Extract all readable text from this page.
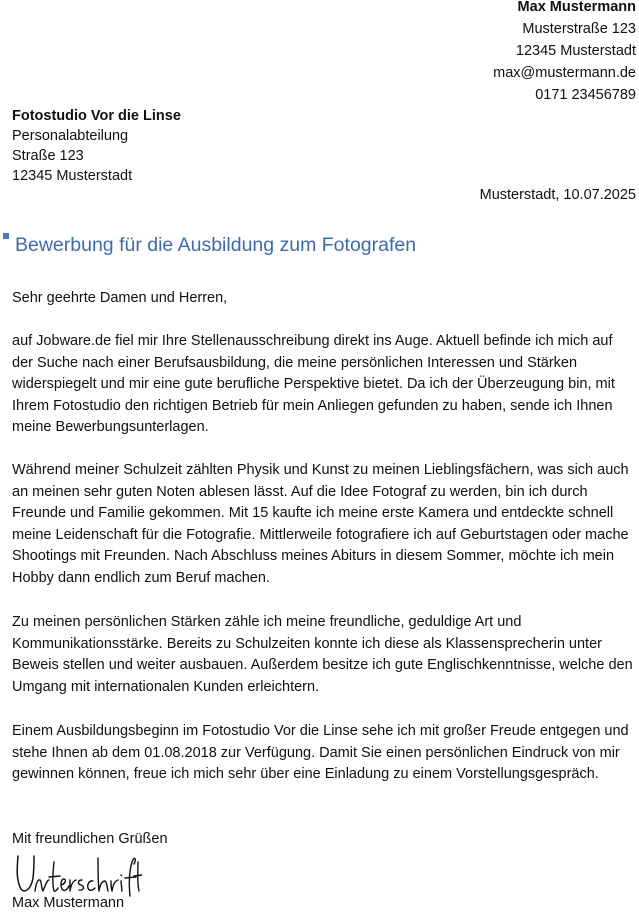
Max Mustermann
Musterstraße 123
12345 Musterstadt
max@mustermann.de
0171 23456789
Fotostudio Vor die Linse
Personalabteilung
Straße 123
12345 Musterstadt
Musterstadt, 10.07.2025
Bewerbung für die Ausbildung zum Fotografen
Sehr geehrte Damen und Herren,

auf Jobware.de fiel mir Ihre Stellenausschreibung direkt ins Auge. Aktuell befinde ich mich auf der Suche nach einer Berufsausbildung, die meine persönlichen Interessen und Stärken widerspiegelt und mir eine gute berufliche Perspektive bietet. Da ich der Überzeugung bin, mit Ihrem Fotostudio den richtigen Betrieb für mein Anliegen gefunden zu haben, sende ich Ihnen meine Bewerbungsunterlagen.

Während meiner Schulzeit zählten Physik und Kunst zu meinen Lieblingsfächern, was sich auch an meinen sehr guten Noten ablesen lässt. Auf die Idee Fotograf zu werden, bin ich durch Freunde und Familie gekommen. Mit 15 kaufte ich meine erste Kamera und entdeckte schnell meine Leidenschaft für die Fotografie. Mittlerweile fotografiere ich auf Geburtstagen oder mache Shootings mit Freunden. Nach Abschluss meines Abiturs in diesem Sommer, möchte ich mein Hobby dann endlich zum Beruf machen.

Zu meinen persönlichen Stärken zähle ich meine freundliche, geduldige Art und Kommunikationsstärke. Bereits zu Schulzeiten konnte ich diese als Klassensprecherin unter Beweis stellen und weiter ausbauen. Außerdem besitze ich gute Englischkenntnisse, welche den Umgang mit internationalen Kunden erleichtern.

Einem Ausbildungsbeginn im Fotostudio Vor die Linse sehe ich mit großer Freude entgegen und stehe Ihnen ab dem 01.08.2018 zur Verfügung. Damit Sie einen persönlichen Eindruck von mir gewinnen können, freue ich mich sehr über eine Einladung zu einem Vorstellungsgespräch.

Mit freundlichen Grüßen
Max Mustermann
